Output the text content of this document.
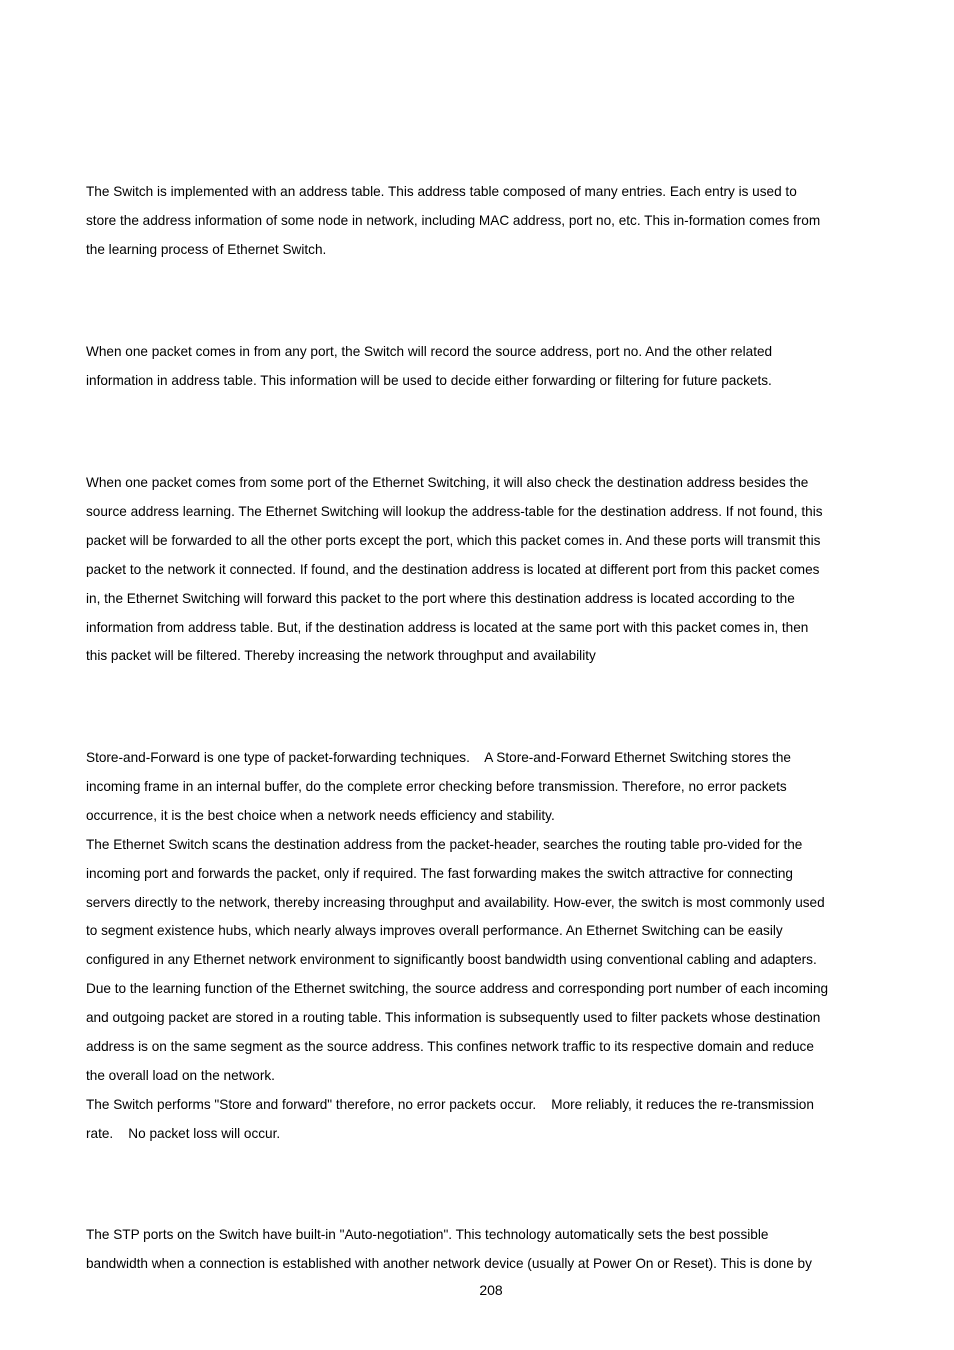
The Switch is implemented with an address table. This address table composed of many entries. Each entry is used to
store the address information of some node in network, including MAC address, port no, etc. This in-formation comes from
the learning process of Ethernet Switch.

When one packet comes in from any port, the Switch will record the source address, port no. And the other related
information in address table. This information will be used to decide either forwarding or filtering for future packets.

When one packet comes from some port of the Ethernet Switching, it will also check the destination address besides the
source address learning. The Ethernet Switching will lookup the address-table for the destination address. If not found, this
packet will be forwarded to all the other ports except the port, which this packet comes in. And these ports will transmit this
packet to the network it connected. If found, and the destination address is located at different port from this packet comes
in, the Ethernet Switching will forward this packet to the port where this destination address is located according to the
information from address table. But, if the destination address is located at the same port with this packet comes in, then
this packet will be filtered. Thereby increasing the network throughput and availability

Store-and-Forward is one type of packet-forwarding techniques.    A Store-and-Forward Ethernet Switching stores the
incoming frame in an internal buffer, do the complete error checking before transmission. Therefore, no error packets
occurrence, it is the best choice when a network needs efficiency and stability.
The Ethernet Switch scans the destination address from the packet-header, searches the routing table pro-vided for the
incoming port and forwards the packet, only if required. The fast forwarding makes the switch attractive for connecting
servers directly to the network, thereby increasing throughput and availability. How-ever, the switch is most commonly used
to segment existence hubs, which nearly always improves overall performance. An Ethernet Switching can be easily
configured in any Ethernet network environment to significantly boost bandwidth using conventional cabling and adapters.
Due to the learning function of the Ethernet switching, the source address and corresponding port number of each incoming
and outgoing packet are stored in a routing table. This information is subsequently used to filter packets whose destination
address is on the same segment as the source address. This confines network traffic to its respective domain and reduce
the overall load on the network.
The Switch performs "Store and forward" therefore, no error packets occur.    More reliably, it reduces the re-transmission
rate.    No packet loss will occur.

The STP ports on the Switch have built-in "Auto-negotiation". This technology automatically sets the best possible
bandwidth when a connection is established with another network device (usually at Power On or Reset). This is done by

208
